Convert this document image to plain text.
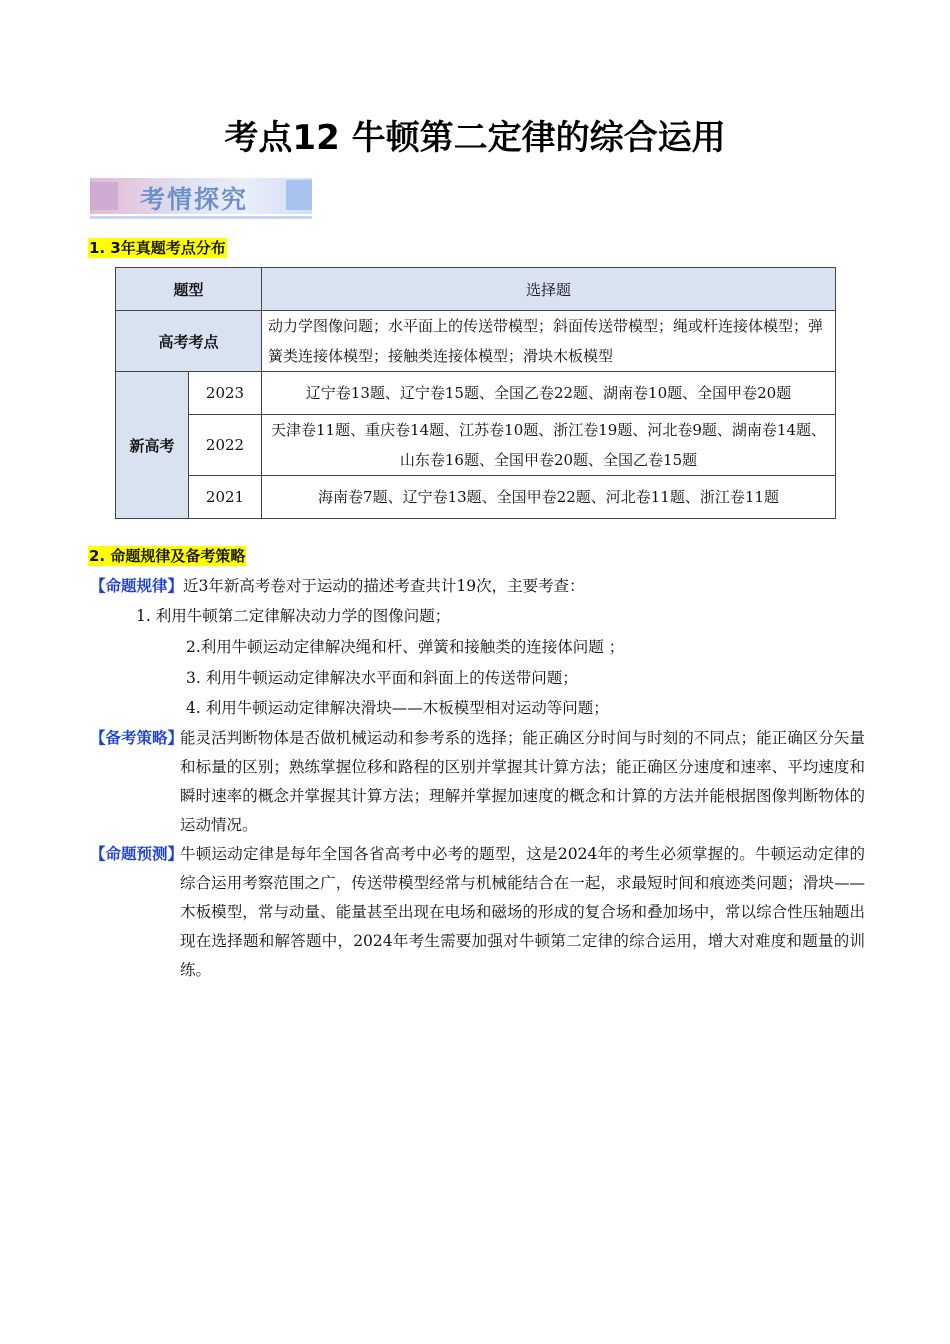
考点12 牛顿第二定律的综合运用
考情探究
1. 3年真题考点分布
题型		选择题
高考考点		动力学图像问题；水平面上的传送带模型；斜面传送带模型；绳或杆连接体模型；弹簧类连接体模型；接触类连接体模型；滑块木板模型
新高考	2023	辽宁卷13题、辽宁卷15题、全国乙卷22题、湖南卷10题、全国甲卷20题
	2022	天津卷11题、重庆卷14题、江苏卷10题、浙江卷19题、河北卷9题、湖南卷14题、山东卷16题、全国甲卷20题、全国乙卷15题
	2021	海南卷7题、辽宁卷13题、全国甲卷22题、河北卷11题、浙江卷11题
2. 命题规律及备考策略
【命题规律】近3年新高考卷对于运动的描述考查共计19次，主要考查：
1. 利用牛顿第二定律解决动力学的图像问题；
2.利用牛顿运动定律解决绳和杆、弹簧和接触类的连接体问题 ；
3. 利用牛顿运动定律解决水平面和斜面上的传送带问题；
4. 利用牛顿运动定律解决滑块——木板模型相对运动等问题；
【备考策略】能灵活判断物体是否做机械运动和参考系的选择；能正确区分时间与时刻的不同点；能正确区分矢量和标量的区别；熟练掌握位移和路程的区别并掌握其计算方法；能正确区分速度和速率、平均速度和瞬时速率的概念并掌握其计算方法；理解并掌握加速度的概念和计算的方法并能根据图像判断物体的运动情况。
【命题预测】牛顿运动定律是每年全国各省高考中必考的题型，这是2024年的考生必须掌握的。牛顿运动定律的综合运用考察范围之广，传送带模型经常与机械能结合在一起，求最短时间和痕迹类问题；滑块——木板模型，常与动量、能量甚至出现在电场和磁场的形成的复合场和叠加场中，常以综合性压轴题出现在选择题和解答题中，2024年考生需要加强对牛顿第二定律的综合运用，增大对难度和题量的训练。
